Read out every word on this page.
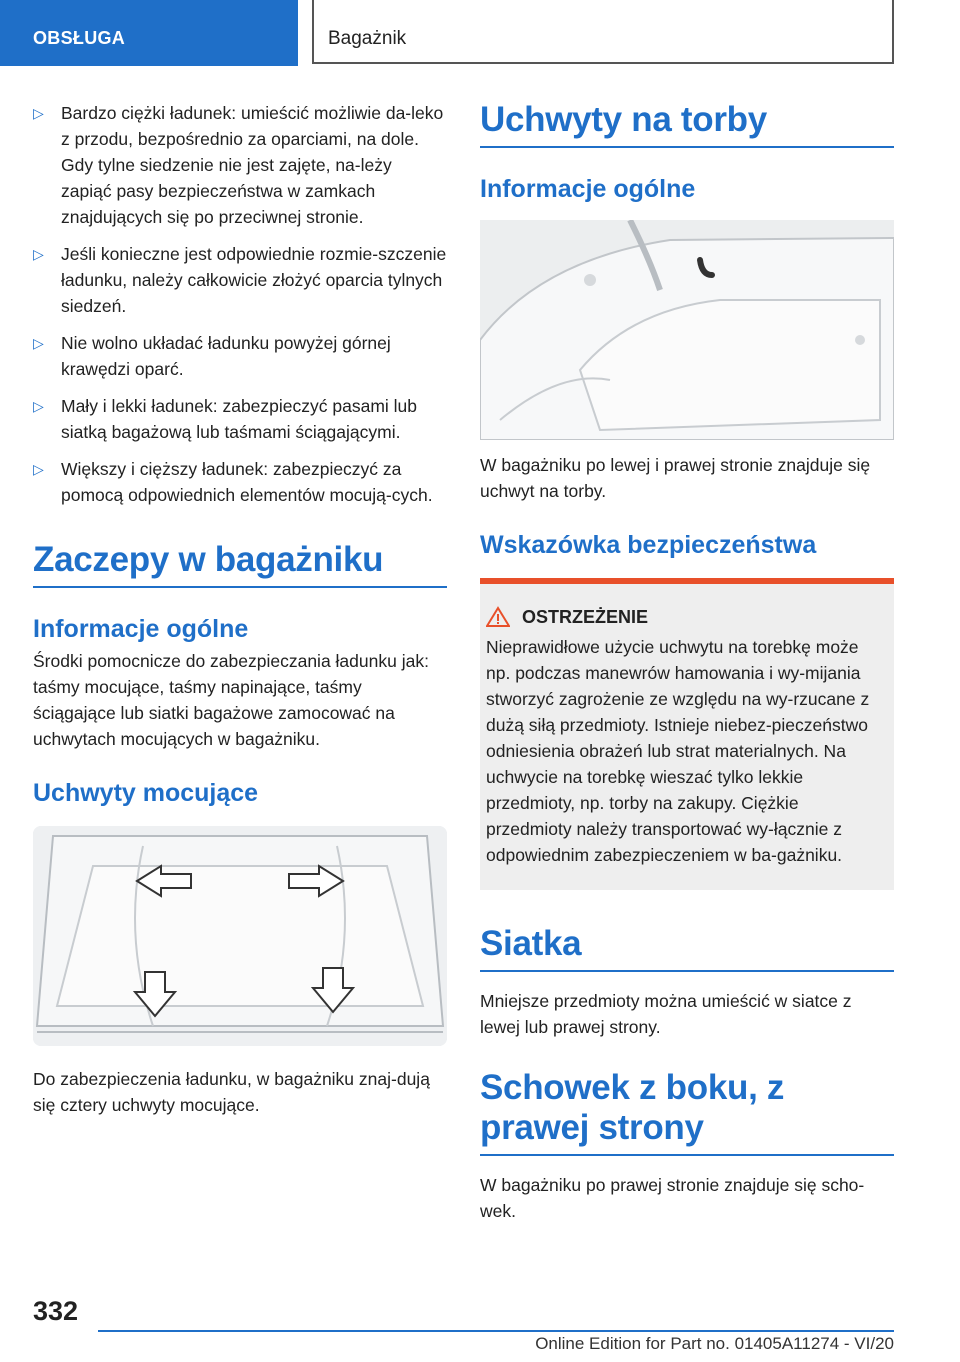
OBSŁUGA	Bagażnik
▷ Bardzo ciężki ładunek: umieścić możliwie da-leko z przodu, bezpośrednio za oparciami, na dole. Gdy tylne siedzenie nie jest zajęte, na-leży zapiąć pasy bezpieczeństwa w zamkach znajdujących się po przeciwnej stronie.
▷ Jeśli konieczne jest odpowiednie rozmie-szczenie ładunku, należy całkowicie złożyć oparcia tylnych siedzeń.
▷ Nie wolno układać ładunku powyżej górnej krawędzi oparć.
▷ Mały i lekki ładunek: zabezpieczyć pasami lub siatką bagażową lub taśmami ściągającymi.
▷ Większy i cięższy ładunek: zabezpieczyć za pomocą odpowiednich elementów mocują-cych.
Zaczepy w bagażniku
Informacje ogólne

Środki pomocnicze do zabezpieczania ładunku jak: taśmy mocujące, taśmy napinające, taśmy ściągające lub siatki bagażowe zamocować na uchwytach mocujących w bagażniku.

Uchwyty mocujące

Do zabezpieczenia ładunku, w bagażniku znaj-dują się cztery uchwyty mocujące.

Uchwyty na torby
Informacje ogólne

W bagażniku po lewej i prawej stronie znajduje się uchwyt na torby.

Wskazówka bezpieczeństwa
OSTRZEŻENIE
Nieprawidłowe użycie uchwytu na torebkę może np. podczas manewrów hamowania i wy-mijania stworzyć zagrożenie ze względu na wy-rzucane z dużą siłą przedmioty. Istnieje niebez-pieczeństwo odniesienia obrażeń lub strat materialnych. Na uchwycie na torebkę wieszać tylko lekkie przedmioty, np. torby na zakupy. Ciężkie przedmioty należy transportować wy-łącznie z odpowiednim zabezpieczeniem w ba-gażniku.
Siatka

Mniejsze przedmioty można umieścić w siatce z lewej lub prawej strony.

Schowek z boku, z prawej strony

W bagażniku po prawej stronie znajduje się scho-wek.

332
Online Edition for Part no. 01405A11274 - VI/20
